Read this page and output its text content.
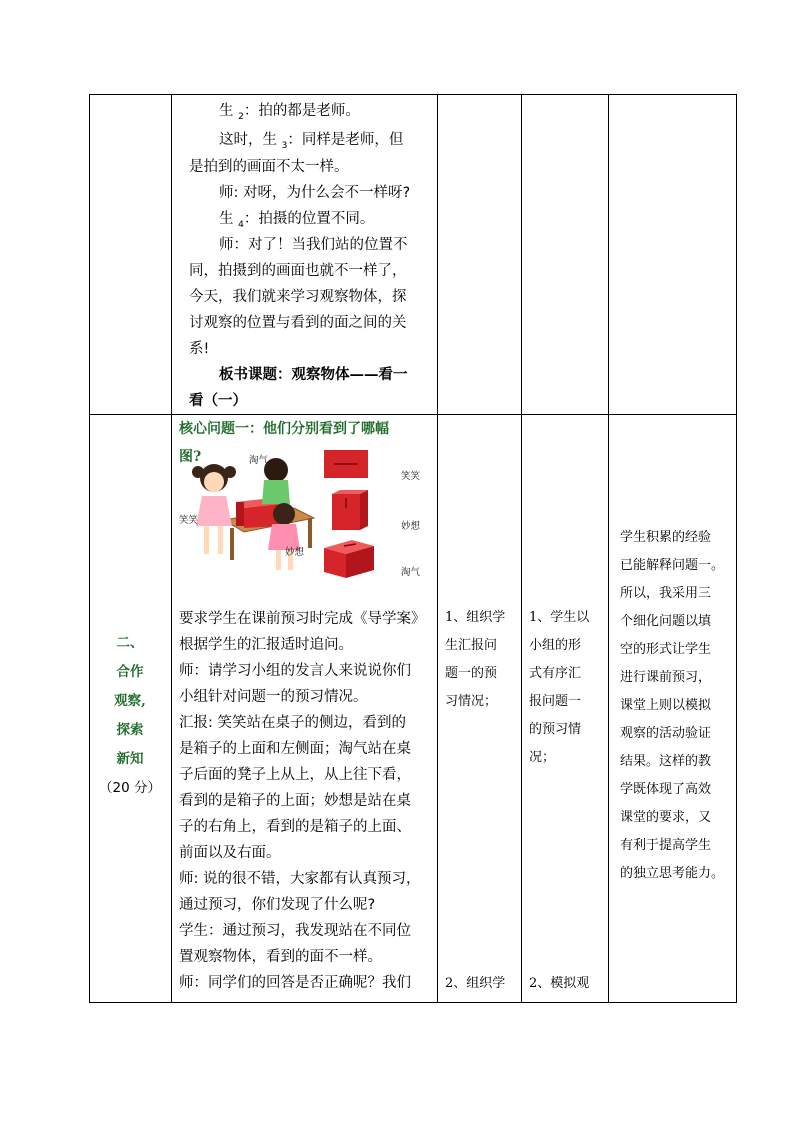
生 $_2$：拍的都是老师。
这时，生 $_3$：同样是老师，但
是拍到的画面不太一样。
师: 对呀，为什么会不一样呀?
生 $_4$：拍摄的位置不同。
师：对了！当我们站的位置不
同，拍摄到的画面也就不一样了，
今天，我们就来学习观察物体，探
讨观察的位置与看到的面之间的关
系!
板书课题：观察物体——看一
看（一）
二、
合作
观察,
探索
新知
（20 分）
核心问题一：他们分别看到了哪幅
图?	淘气
笑笑
妙想
笑笑
妙想
淘气
要求学生在课前预习时完成《导学案》
根据学生的汇报适时追问。
师：请学习小组的发言人来说说你们
小组针对问题一的预习情况。
汇报: 笑笑站在桌子的侧边，看到的
是箱子的上面和左侧面；淘气站在桌
子后面的凳子上从上，从上往下看，
看到的是箱子的上面；妙想是站在桌
子的右角上，看到的是箱子的上面、
前面以及右面。
师: 说的很不错，大家都有认真预习，
通过预习，你们发现了什么呢?
学生：通过预习，我发现站在不同位
置观察物体，看到的面不一样。
师：同学们的回答是否正确呢？我们
1、组织学
生汇报问
题一的预
习情况；
2、组织学
1、学生以
小组的形
式有序汇
报问题一
的预习情
况；
2、模拟观
学生积累的经验
已能解释问题一。
所以，我采用三
个细化问题以填
空的形式让学生
进行课前预习，
课堂上则以模拟
观察的活动验证
结果。这样的教
学既体现了高效
课堂的要求，又
有利于提高学生
的独立思考能力。
